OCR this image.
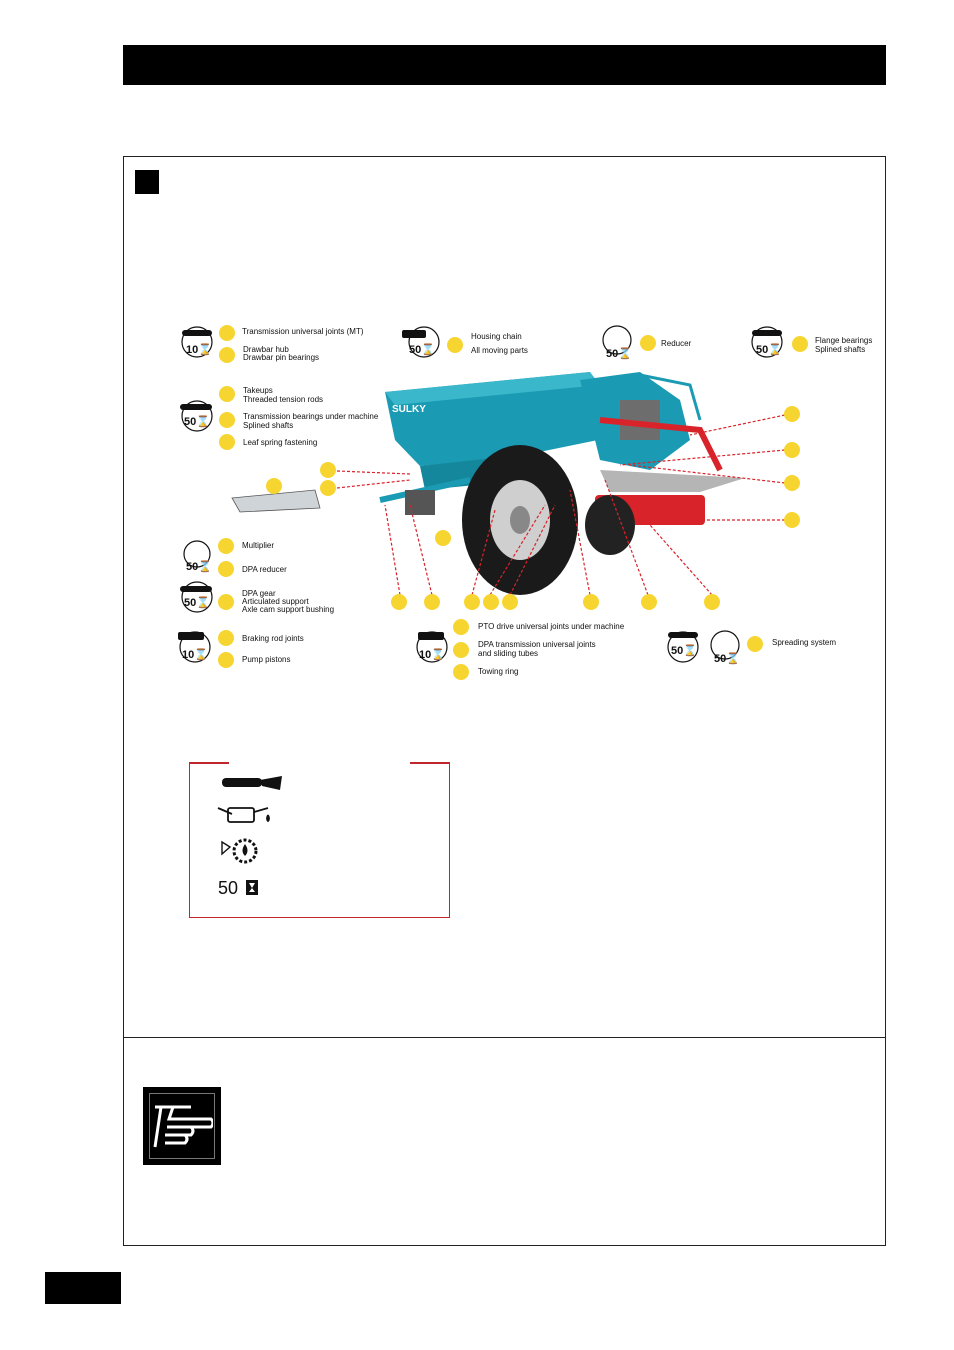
SULKY
10⌛	50⌛	50⌛	50⌛
50⌛
50⌛
50⌛
10⌛	10⌛	50⌛
50⌛
Transmission universal joints (MT)
Drawbar hub
Drawbar pin bearings
Housing chain
All moving parts
Reducer	Flange bearings
Splined shafts
Takeups
Threaded tension rods
Transmission bearings under machine
Splined shafts
Leaf spring fastening
Multiplier
DPA reducer
DPA gear
Articulated support
Axle cam support bushing
Braking rod joints
Pump pistons
PTO drive universal joints under machine
DPA transmission universal joints
and sliding tubes
Towing ring
Spreading system
50
